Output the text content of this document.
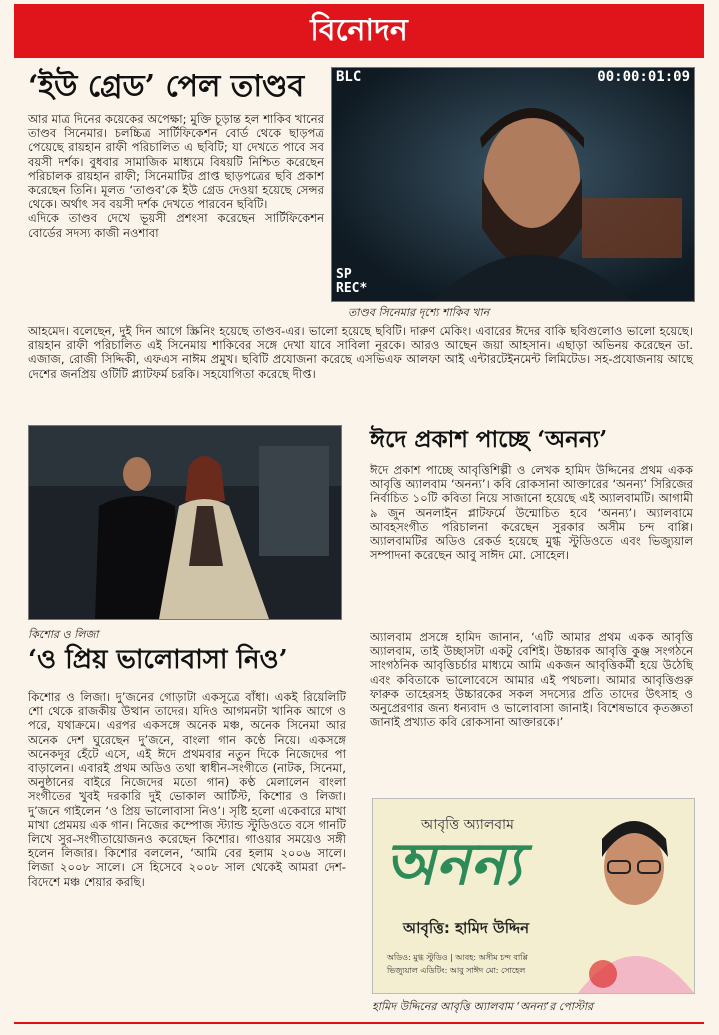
বিনোদন
‘ইউ গ্রেড’ পেল তাণ্ডব BLC	00:00:01:09
SP
REC*
তাণ্ডব সিনেমার দৃশ্যে শাকিব খান

আর মাত্র দিনের কয়েকের অপেক্ষা; মুক্তি চূড়ান্ত হল শাকিব খানের তাণ্ডব সিনেমার। চলচ্চিত্র সার্টিফিকেশন বোর্ড থেকে ছাড়পত্র পেয়েছে রায়হান রাফী পরিচালিত এ ছবিটি; যা দেখতে পাবে সব বয়সী দর্শক। বুধবার সামাজিক মাধ্যমে বিষয়টি নিশ্চিত করেছেন পরিচালক রায়হান রাফী; সিনেমাটির প্রাপ্ত ছাড়পত্রের ছবি প্রকাশ করেছেন তিনি। মূলত ‘তাণ্ডব’কে ইউ গ্রেড দেওয়া হয়েছে সেন্সর থেকে। অর্থাৎ সব বয়সী দর্শক দেখতে পারবেন ছবিটি।
এদিকে তাণ্ডব দেখে ভূয়সী প্রশংসা করেছেন সার্টিফিকেশন বোর্ডের সদস্য কাজী নওশাবা

আহমেদ। বলেছেন, দুই দিন আগে স্ক্রিনিং হয়েছে তাণ্ডব-এর। ভালো হয়েছে ছবিটি। দারুণ মেকিং। এবারের ঈদের বাকি ছবিগুলোও ভালো হয়েছে। রায়হান রাফী পরিচালিত এই সিনেমায় শাকিবের সঙ্গে দেখা যাবে সাবিলা নূরকে। আরও আছেন জয়া আহসান। এছাড়া অভিনয় করেছেন ডা. এজাজ, রোজী সিদ্দিকী, এফএস নাঈম প্রমুখ। ছবিটি প্রযোজনা করেছে এসভিএফ আলফা আই এন্টারটেইনমেন্ট লিমিটেড। সহ-প্রযোজনায় আছে দেশের জনপ্রিয় ওটিটি প্ল্যাটফর্ম চরকি। সহযোগিতা করেছে দীপ্ত।

কিশোর ও লিজা
‘ও প্রিয় ভালোবাসা নিও’

কিশোর ও লিজা। দু’জনের গোড়াটা একসূত্রে বাঁধা। একই রিয়েলিটি শো থেকে রাজকীয় উত্থান তাদের। যদিও আগমনটা খানিক আগে ও পরে, যথাক্রমে। এরপর একসঙ্গে অনেক মঞ্চ, অনেক সিনেমা আর অনেক দেশ ঘুরেছেন দু’জনে, বাংলা গান কণ্ঠে নিয়ে। একসঙ্গে অনেকদূর হেঁটে এসে, এই ঈদে প্রথমবার নতুন দিকে নিজেদের পা বাড়ালেন। এবারই প্রথম অডিও তথা স্বাধীন-সংগীতে (নাটক, সিনেমা, অনুষ্ঠানের বাইরে নিজেদের মতো গান) কণ্ঠ মেলালেন বাংলা সংগীতের খুবই দরকারি দুই ভোকাল আর্টিস্ট, কিশোর ও লিজা। দু’জনে গাইলেন ‘ও প্রিয় ভালোবাসা নিও’। সৃষ্টি হলো একেবারে মাখা মাখা প্রেমময় এক গান। নিজের কম্পোজ স্ট্যান্ড স্টুডিওতে বসে গানটি লিখে সুর-সংগীতায়োজনও করেছেন কিশোর। গাওয়ার সময়েও সঙ্গী হলেন লিজার। কিশোর বললেন, ‘আমি বের হলাম ২০০৬ সালে। লিজা ২০০৮ সালে। সে হিসেবে ২০০৮ সাল থেকেই আমরা দেশ-বিদেশে মঞ্চ শেয়ার করছি।

ঈদে প্রকাশ পাচ্ছে ‘অনন্য’

ঈদে প্রকাশ পাচ্ছে আবৃত্তিশিল্পী ও লেখক হামিদ উদ্দিনের প্রথম একক আবৃত্তি অ্যালবাম ‘অনন্য’। কবি রোকসানা আক্তারের ‘অনন্য’ সিরিজের নির্বাচিত ১০টি কবিতা নিয়ে সাজানো হয়েছে এই অ্যালবামটি। আগামী ৯ জুন অনলাইন প্লাটফর্মে উন্মোচিত হবে ‘অনন্য’। অ্যালবামে আবহসংগীত পরিচালনা করেছেন সুরকার অসীম চন্দ বাপ্পি। অ্যালবামটির অডিও রেকর্ড হয়েছে মুগ্ধ স্টুডিওতে এবং ভিজ্যুয়াল সম্পাদনা করেছেন আবু সাঈদ মো. সোহেল।

অ্যালবাম প্রসঙ্গে হামিদ জানান, ‘এটি আমার প্রথম একক আবৃত্তি অ্যালবাম, তাই উচ্ছাসটা একটু বেশিই। উচ্চারক আবৃত্তি কুঞ্জ সংগঠনে সাংগঠনিক আবৃত্তিচর্চার মাধ্যমে আমি একজন আবৃত্তিকর্মী হয়ে উঠেছি এবং কবিতাকে ভালোবেসে আমার এই পথচলা। আমার আবৃত্তিগুরু ফারুক তাহেরসহ উচ্চারকের সকল সদস্যের প্রতি তাদের উৎসাহ ও অনুপ্রেরণার জন্য ধন্যবাদ ও ভালোবাসা জানাই। বিশেষভাবে কৃতজ্ঞতা জানাই প্রখ্যাত কবি রোকসানা আক্তারকে।’

আবৃত্তি অ্যালবাম
অনন্য
আবৃত্তি: হামিদ উদ্দিন
অডিও: মুগ্ধ স্টুডিও | আবহ: অসীম চন্দ বাপ্পি
ভিজ্যুয়াল এডিটিং: আবু সাঈদ মো: সোহেল
হামিদ উদ্দিনের আবৃত্তি অ্যালবাম ‘অনন্য’র পোস্টার
